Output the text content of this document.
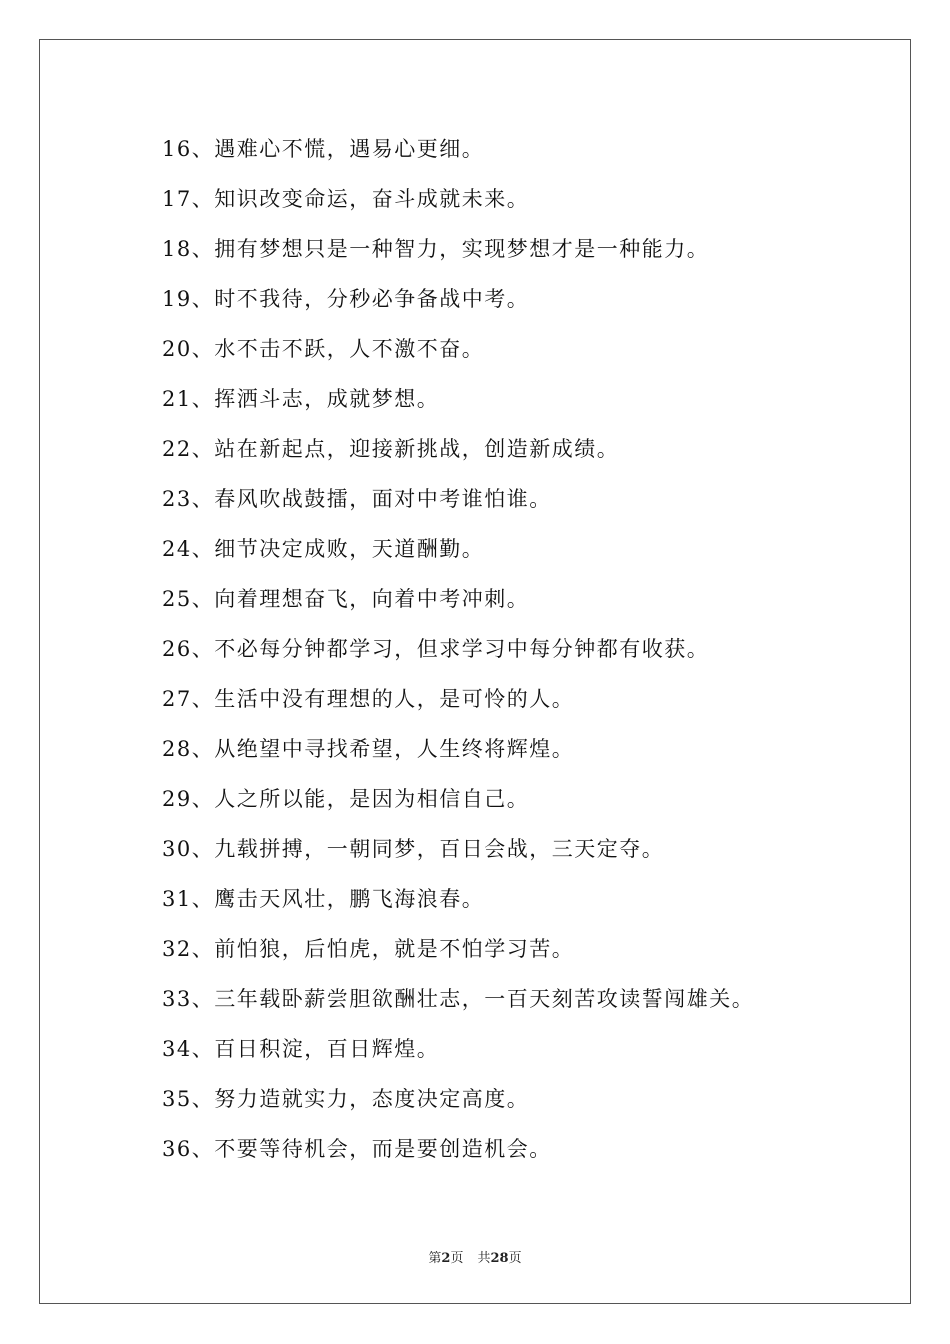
16、遇难心不慌，遇易心更细。
17、知识改变命运，奋斗成就未来。
18、拥有梦想只是一种智力，实现梦想才是一种能力。
19、时不我待，分秒必争备战中考。
20、水不击不跃，人不激不奋。
21、挥洒斗志，成就梦想。
22、站在新起点，迎接新挑战，创造新成绩。
23、春风吹战鼓擂，面对中考谁怕谁。
24、细节决定成败，天道酬勤。
25、向着理想奋飞，向着中考冲刺。
26、不必每分钟都学习，但求学习中每分钟都有收获。
27、生活中没有理想的人，是可怜的人。
28、从绝望中寻找希望，人生终将辉煌。
29、人之所以能，是因为相信自己。
30、九载拼搏，一朝同梦，百日会战，三天定夺。
31、鹰击天风壮，鹏飞海浪春。
32、前怕狼，后怕虎，就是不怕学习苦。
33、三年载卧薪尝胆欲酬壮志，一百天刻苦攻读誓闯雄关。
34、百日积淀，百日辉煌。
35、努力造就实力，态度决定高度。
36、不要等待机会，而是要创造机会。
第2页 共28页
